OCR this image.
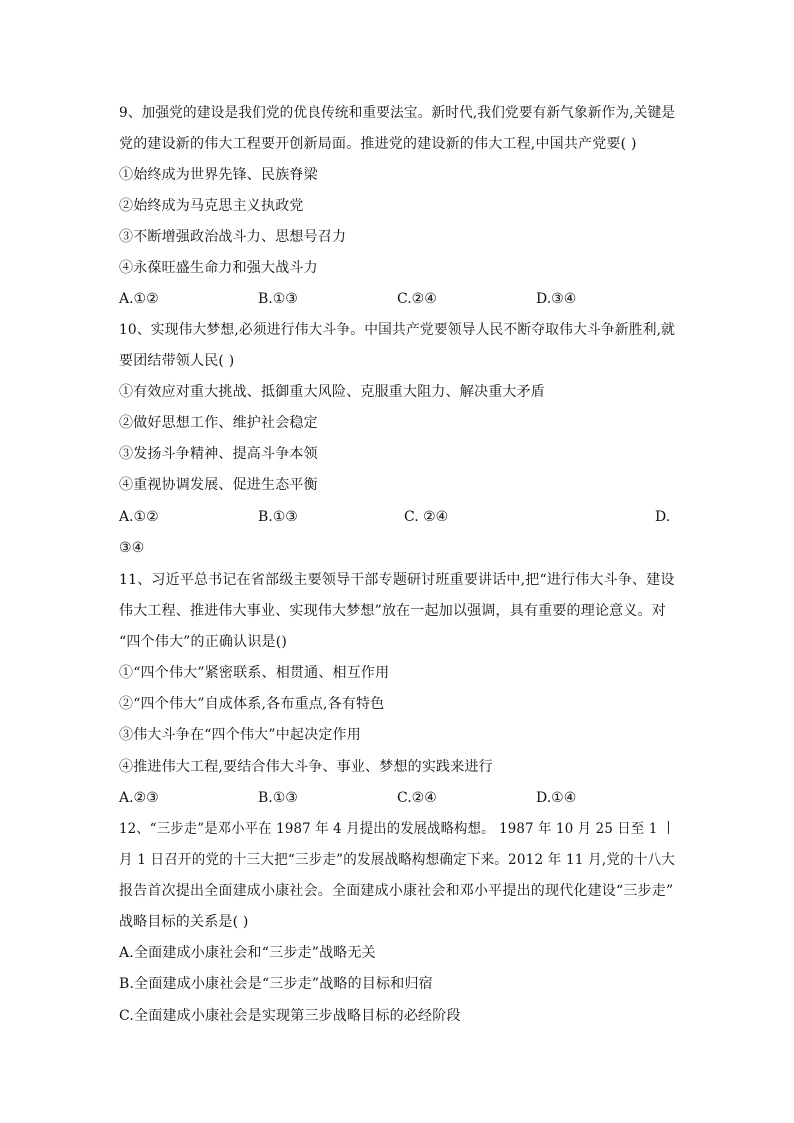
9、加强党的建设是我们党的优良传统和重要法宝。新时代,我们党要有新气象新作为,关键是
党的建设新的伟大工程要开创新局面。推进党的建设新的伟大工程,中国共产党要( )
①始终成为世界先锋、民族脊梁
②始终成为马克思主义执政党
③不断增强政治战斗力、思想号召力
④永葆旺盛生命力和强大战斗力
A.①②	B.①③	C.②④	D.③④
10、实现伟大梦想,必须进行伟大斗争。中国共产党要领导人民不断夺取伟大斗争新胜利,就
要团结带领人民( )
①有效应对重大挑战、抵御重大风险、克服重大阻力、解决重大矛盾
②做好思想工作、维护社会稳定
③发扬斗争精神、提高斗争本领
④重视协调发展、促进生态平衡
A.①②	B.①③	C. ②④	D.
③④
11、习近平总书记在省部级主要领导干部专题研讨班重要讲话中,把“进行伟大斗争、建设
伟大工程、推进伟大事业、实现伟大梦想”放在一起加以强调，具有重要的理论意义。对
“四个伟大”的正确认识是()
①“四个伟大”紧密联系、相贯通、相互作用
②“四个伟大”自成体系,各布重点,各有特色
③伟大斗争在“四个伟大”中起决定作用
④推进伟大工程,要结合伟大斗争、事业、梦想的实践来进行
A.②③	B.①③	C.②④	D.①④
12、“三步走”是邓小平在 1987 年 4 月提出的发展战略构想。 1987 年 10 月 25 日至 1 丨
月 1 日召开的党的十三大把“三步走”的发展战略构想确定下来。2012 年 11 月,党的十八大
报告首次提出全面建成小康社会。全面建成小康社会和邓小平提出的现代化建设“三步走”
战略目标的关系是( )
A.全面建成小康社会和“三步走”战略无关
B.全面建成小康社会是“三步走”战略的目标和归宿
C.全面建成小康社会是实现第三步战略目标的必经阶段
